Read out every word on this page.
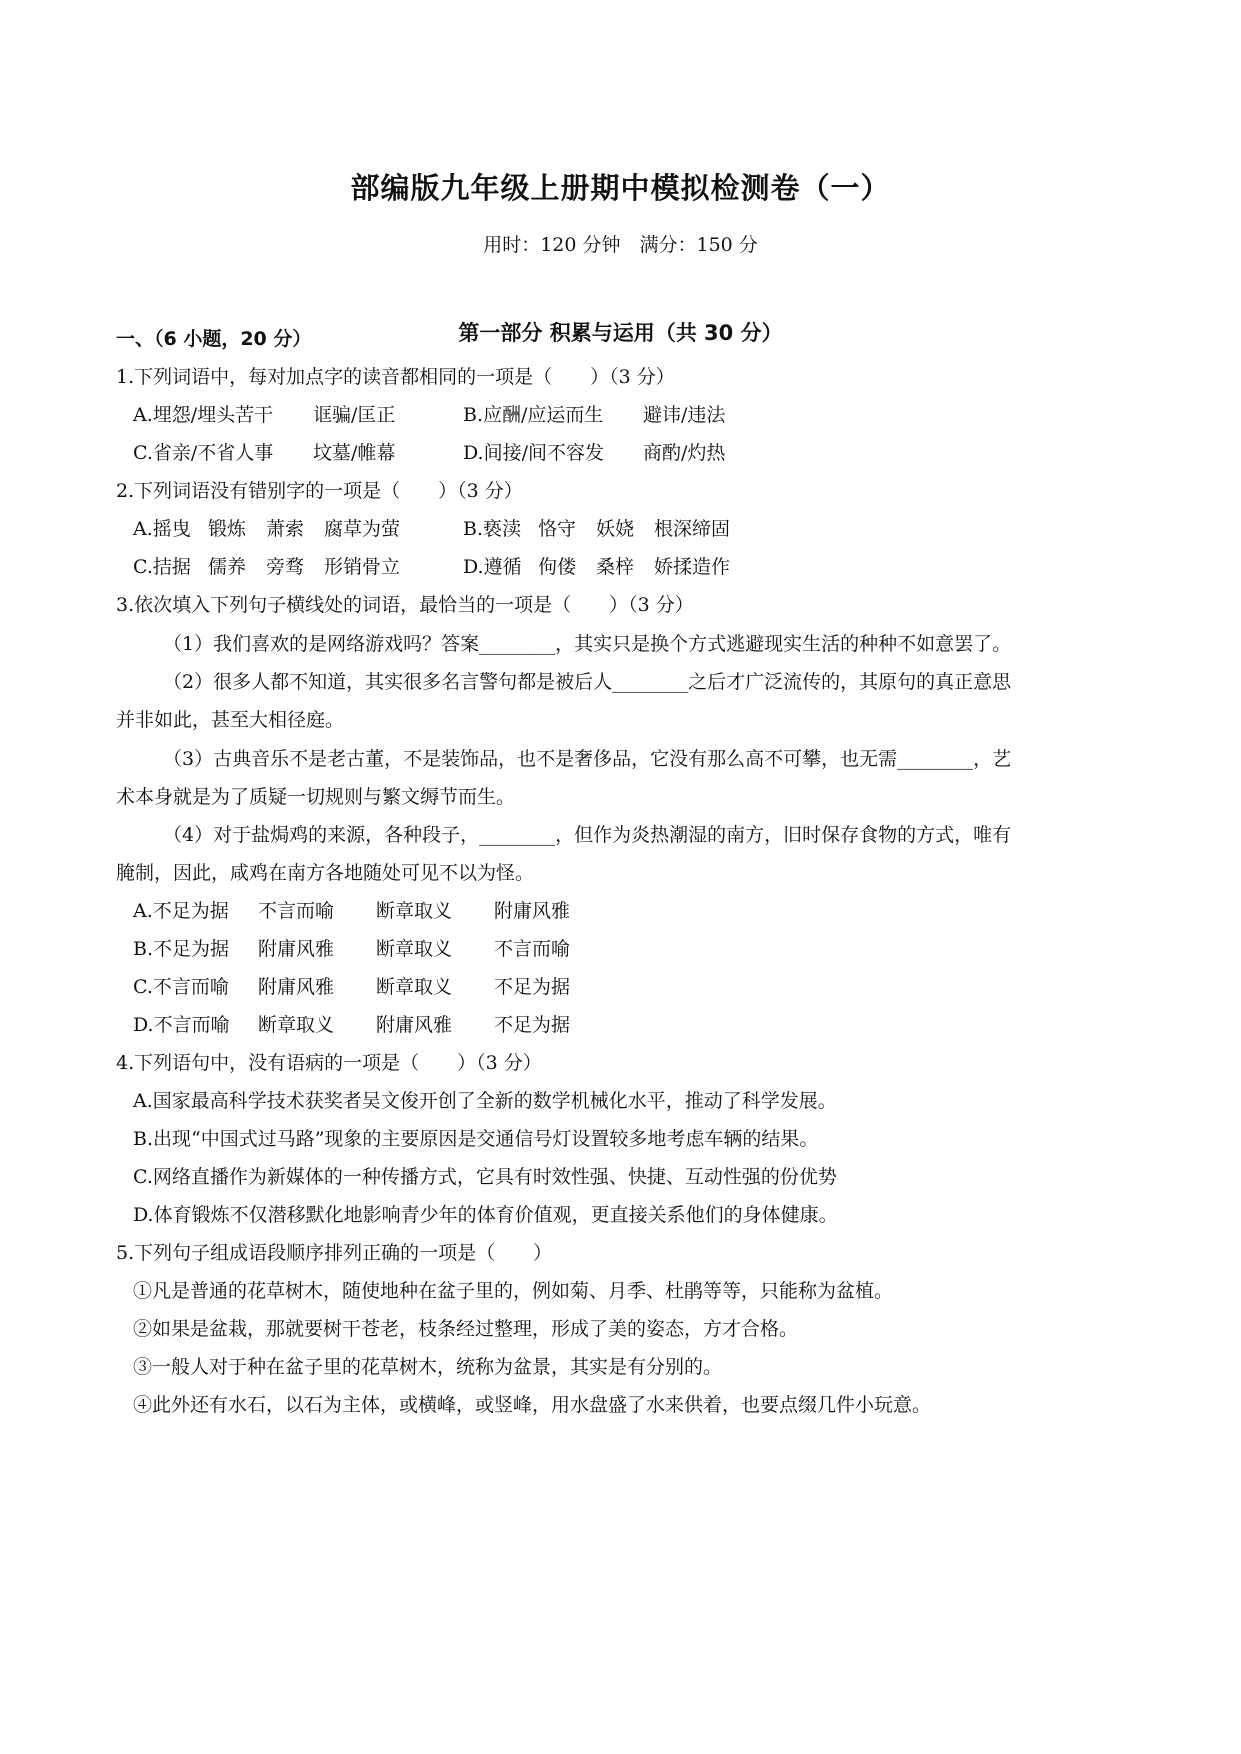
部编版九年级上册期中模拟检测卷（一）
用时：120 分钟　满分：150 分
第一部分 积累与运用（共 30 分）
一、（6 小题，20 分）
1.下列词语中，每对加点字的读音都相同的一项是（　　）（3 分）
A.埋怨/埋头苦干 诓骗/匡正	B.应酬/应运而生 避讳/违法
C.省亲/不省人事 坟墓/帷幕	D.间接/间不容发 商酌/灼热
2.下列词语没有错别字的一项是（　　）（3 分）
A.摇曳 锻炼 萧索 腐草为萤	B.亵渎 恪守 妖娆 根深缔固
C.拮据 儒养 旁骛 形销骨立	D.遵循 佝偻 桑梓 娇揉造作
3.依次填入下列句子横线处的词语，最恰当的一项是（　　）（3 分）
（1）我们喜欢的是网络游戏吗？答案________，其实只是换个方式逃避现实生活的种种不如意罢了。
（2）很多人都不知道，其实很多名言警句都是被后人________之后才广泛流传的，其原句的真正意思
并非如此，甚至大相径庭。
（3）古典音乐不是老古董，不是装饰品，也不是奢侈品，它没有那么高不可攀，也无需________，艺
术本身就是为了质疑一切规则与繁文缛节而生。
（4）对于盐焗鸡的来源，各种段子，________，但作为炎热潮湿的南方，旧时保存食物的方式，唯有
腌制，因此，咸鸡在南方各地随处可见不以为怪。
A.不足为据 不言而喻 断章取义 附庸风雅
B.不足为据 附庸风雅 断章取义 不言而喻
C.不言而喻 附庸风雅 断章取义 不足为据
D.不言而喻 断章取义 附庸风雅 不足为据
4.下列语句中，没有语病的一项是（　　）（3 分）
A.国家最高科学技术获奖者吴文俊开创了全新的数学机械化水平，推动了科学发展。
B.出现“中国式过马路”现象的主要原因是交通信号灯设置较多地考虑车辆的结果。
C.网络直播作为新媒体的一种传播方式，它具有时效性强、快捷、互动性强的份优势
D.体育锻炼不仅潜移默化地影响青少年的体育价值观，更直接关系他们的身体健康。
5.下列句子组成语段顺序排列正确的一项是（　　）
①凡是普通的花草树木，随使地种在盆子里的，例如菊、月季、杜鹃等等，只能称为盆植。
②如果是盆栽，那就要树干苍老，枝条经过整理，形成了美的姿态，方才合格。
③一般人对于种在盆子里的花草树木，统称为盆景，其实是有分别的。
④此外还有水石，以石为主体，或横峰，或竖峰，用水盘盛了水来供着，也要点缀几件小玩意。
